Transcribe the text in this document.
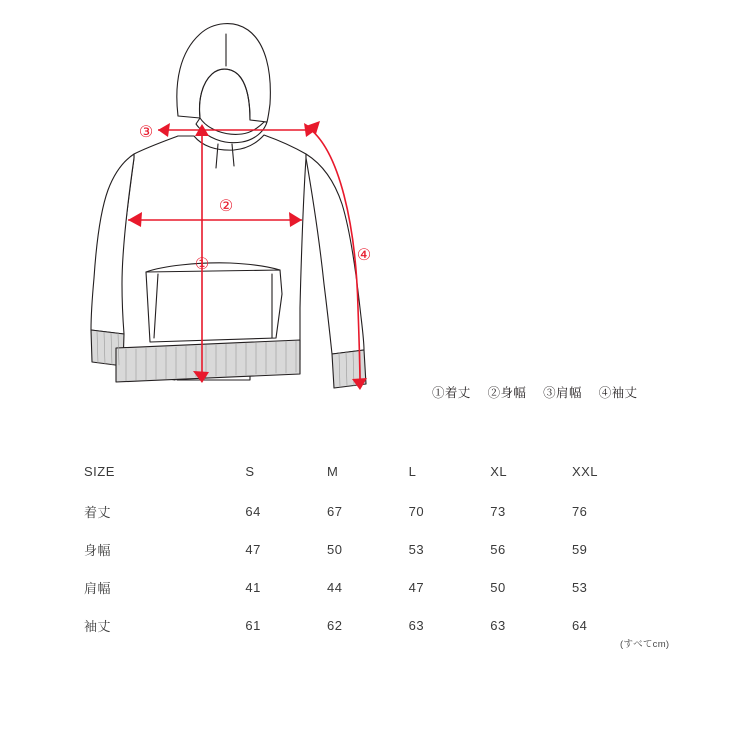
③
②
①
④
①着丈 ②身幅 ③肩幅 ④袖丈
SIZE	S	M	L	XL	XXL
着丈	64	67	70	73	76
身幅	47	50	53	56	59
肩幅	41	44	47	50	53
袖丈	61	62	63	63	64
(すべてcm)
